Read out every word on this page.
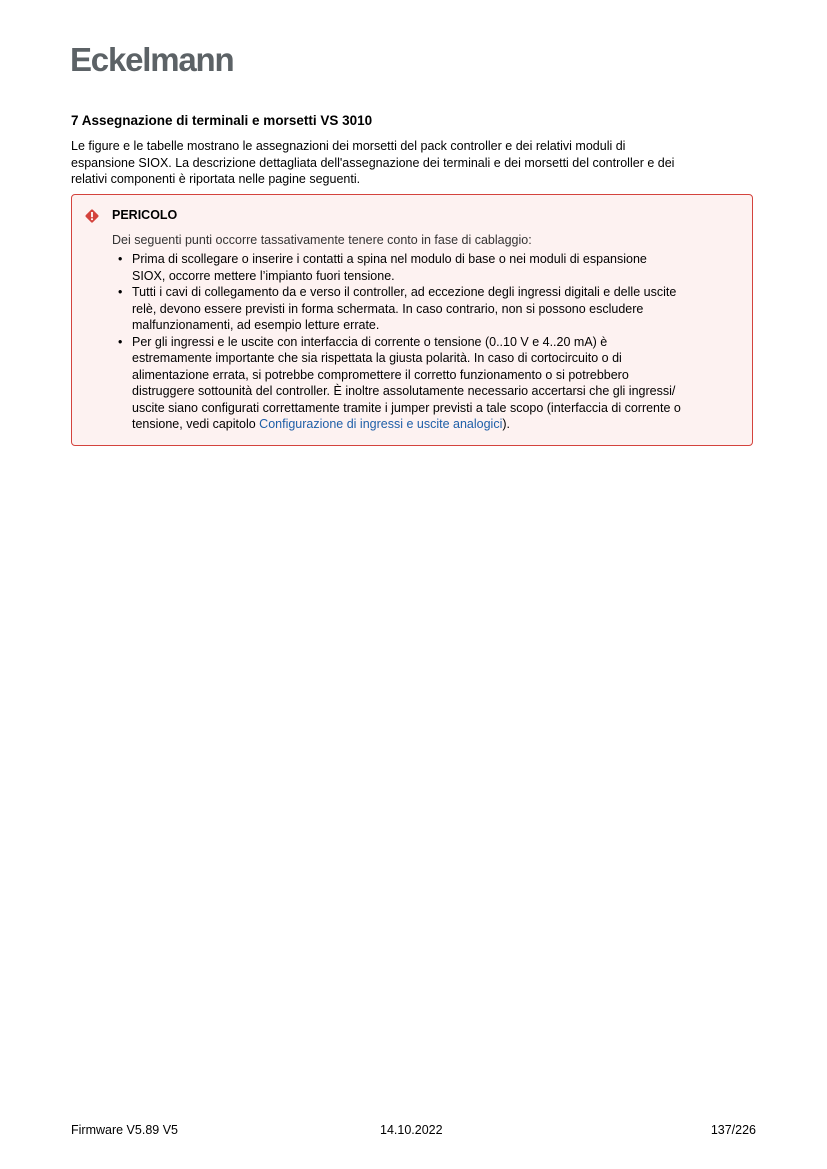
Eckelmann
7 Assegnazione di terminali e morsetti VS 3010
Le figure e le tabelle mostrano le assegnazioni dei morsetti del pack controller e dei relativi moduli di
espansione SIOX. La descrizione dettagliata dell'assegnazione dei terminali e dei morsetti del controller e dei
relativi componenti è riportata nelle pagine seguenti.
PERICOLO
Dei seguenti punti occorre tassativamente tenere conto in fase di cablaggio:
• Prima di scollegare o inserire i contatti a spina nel modulo di base o nei moduli di espansione
SIOX, occorre mettere l’impianto fuori tensione.
• Tutti i cavi di collegamento da e verso il controller, ad eccezione degli ingressi digitali e delle uscite
relè, devono essere previsti in forma schermata. In caso contrario, non si possono escludere
malfunzionamenti, ad esempio letture errate.
• Per gli ingressi e le uscite con interfaccia di corrente o tensione (0..10 V e 4..20 mA) è
estremamente importante che sia rispettata la giusta polarità. In caso di cortocircuito o di
alimentazione errata, si potrebbe compromettere il corretto funzionamento o si potrebbero
distruggere sottounità del controller. È inoltre assolutamente necessario accertarsi che gli ingressi/
uscite siano configurati correttamente tramite i jumper previsti a tale scopo (interfaccia di corrente o
tensione, vedi capitolo Configurazione di ingressi e uscite analogici).
Firmware V5.89 V5	14.10.2022	137/226
